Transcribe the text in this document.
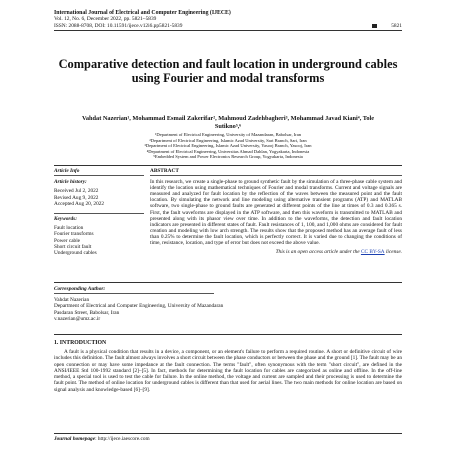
International Journal of Electrical and Computer Engineering (IJECE)
Vol. 12, No. 6, December 2022, pp. 5821~5839
ISSN: 2088-8708, DOI: 10.11591/ijece.v12i6.pp5821-5839	5821
Comparative detection and fault location in underground cables using Fourier and modal transforms
Vahdat Nazerian¹, Mohammad Esmail Zakerifar², Mahmoud Zadehbagheri³, Mohammad Javad Kiani⁴, Tole Sutikno⁵,⁶
¹Department of Electrical Engineering, University of Mazandaran, Babolsar, Iran
²Department of Electrical Engineering, Islamic Azad University, Sari Branch, Sari, Iran
³Department of Electrical Engineering, Islamic Azad University, Yasooj Branch, Yasooj, Iran
⁴Department of Electrical Engineering, Universitas Ahmad Dahlan, Yogyakarta, Indonesia
⁵Embedded System and Power Electronics Research Group, Yogyakarta, Indonesia
Article Info
Article history:
Received Jul 2, 2022
Revised Aug 9, 2022
Accepted Aug 20, 2022
Keywords:
Fault location
Fourier transforms
Power cable
Short circuit fault
Underground cables
ABSTRACT
In this research, we create a single-phase to ground synthetic fault by the simulation of a three-phase cable system and identify the location using mathematical techniques of Fourier and modal transforms. Current and voltage signals are measured and analyzed for fault location by the reflection of the waves between the measured point and the fault location. By simulating the network and line modeling using alternative transient programs (ATP) and MATLAB software, two single-phase to ground faults are generated at different points of the line at times of 0.3 and 0.365 s. First, the fault waveforms are displayed in the ATP software, and then this waveform is transmitted to MATLAB and presented along with its phasor view over time. In addition to the waveforms, the detection and fault location indicators are presented in different states of fault. Fault resistances of 1, 100, and 1,000 ohms are considered for fault creation and modeling with low arch strength. The results show that the proposed method has an average fault of less than 0.25% to determine the fault location, which is perfectly correct. It is varied due to changing the conditions of time, resistance, location, and type of error but does not exceed the above value.
This is an open access article under the CC BY-SA license.
Corresponding Author:
Vahdat Nazerian
Department of Electrical and Computer Engineering, University of Mazandaran
Pasdaran Street, Babolsar, Iran
v.nazerian@umz.ac.ir
1. INTRODUCTION
A fault is a physical condition that results in a device, a component, or an element's failure to perform a required routine. A short or definitive circuit of wire includes this definition. The fault almost always involves a short circuit between the phase conductors or between the phase and the ground [1]. The fault may be an open connection or may have some impedance at the fault connection. The terms "fault", often synonymous with the term "short circuit", are defined in the ANSI/IEEE Std 100-1992 standard [2]–[5]. In fact, methods for determining the fault location for cables are categorized as online and offline. In the off-line method, a special tool is used to test the cable for failure. In the online method, the voltage and current are sampled and their processing is used to determine the fault point. The method of online location for underground cables is different than that used for aerial lines. The two main methods for online location are based on signal analysis and knowledge-based [6]–[9].
Journal homepage: http://ijece.iaescore.com
